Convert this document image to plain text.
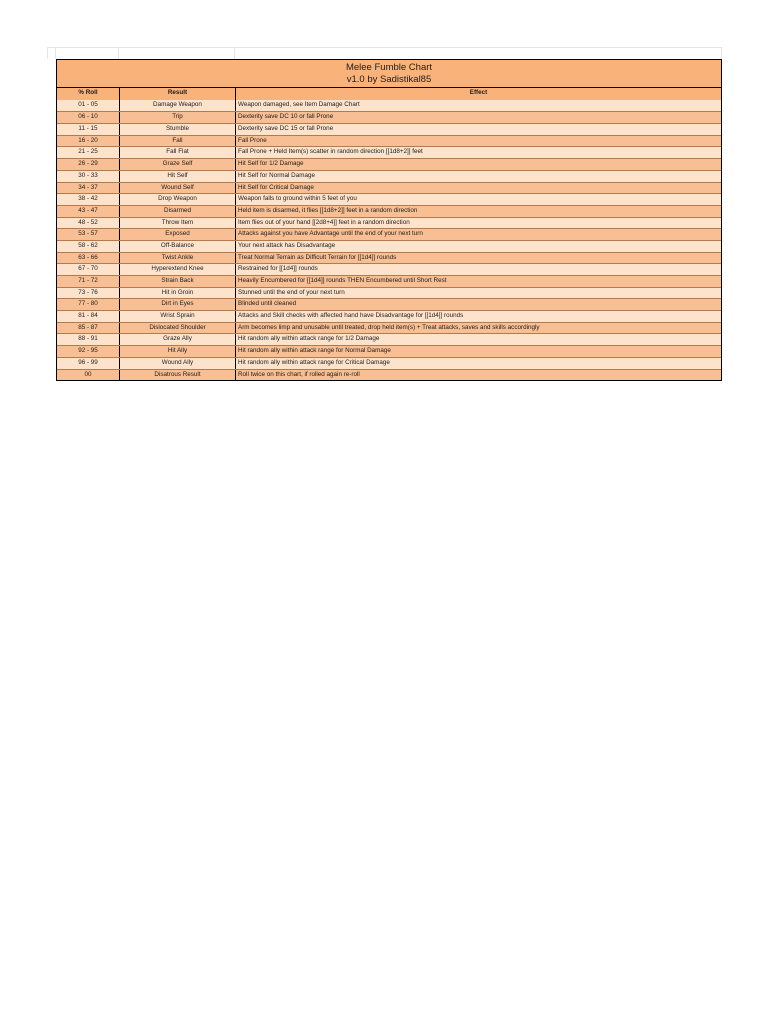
Melee Fumble Chart
v1.0 by Sadistikal85
% Roll	Result	Effect
01 - 05	Damage Weapon	Weapon damaged, see Item Damage Chart
06 - 10	Trip	Dexterity save DC 10 or fall Prone
11 - 15	Stumble	Dexterity save DC 15 or fall Prone
16 - 20	Fall	Fall Prone
21 - 25	Fall Flat	Fall Prone + Held Item(s) scatter in random direction [[1d8+2]] feet
26 - 29	Graze Self	Hit Self for 1/2 Damage
30 - 33	Hit Self	Hit Self for Normal Damage
34 - 37	Wound Self	Hit Self for Critical Damage
38 - 42	Drop Weapon	Weapon falls to ground within 5 feet of you
43 - 47	Disarmed	Held item is disarmed, it flies [[1d8+2]] feet in a random direction
48 - 52	Throw Item	Item flies out of your hand [[2d8+4]] feet in a random direction
53 - 57	Exposed	Attacks against you have Advantage until the end of your next turn
58 - 62	Off-Balance	Your next attack has Disadvantage
63 - 66	Twist Ankle	Treat Normal Terrain as Difficult Terrain for [[1d4]] rounds
67 - 70	Hyperextend Knee	Restrained for [[1d4]] rounds
71 - 72	Strain Back	Heavily Encumbered for [[1d4]] rounds THEN Encumbered until Short Rest
73 - 76	Hit in Groin	Stunned until the end of your next turn
77 - 80	Dirt in Eyes	Blinded until cleaned
81 - 84	Wrist Sprain	Attacks and Skill checks with affected hand have Disadvantage for [[1d4]] rounds
85 - 87	Dislocated Shoulder	Arm becomes limp and unusable until treated, drop held item(s) + Treat attacks, saves and skills accordingly
88 - 91	Graze Ally	Hit random ally within attack range for 1/2 Damage
92 - 95	Hit Ally	Hit random ally within attack range for Normal Damage
96 - 99	Wound Ally	Hit random ally within attack range for Critical Damage
00	Disatrous Result	Roll twice on this chart, if rolled again re-roll
